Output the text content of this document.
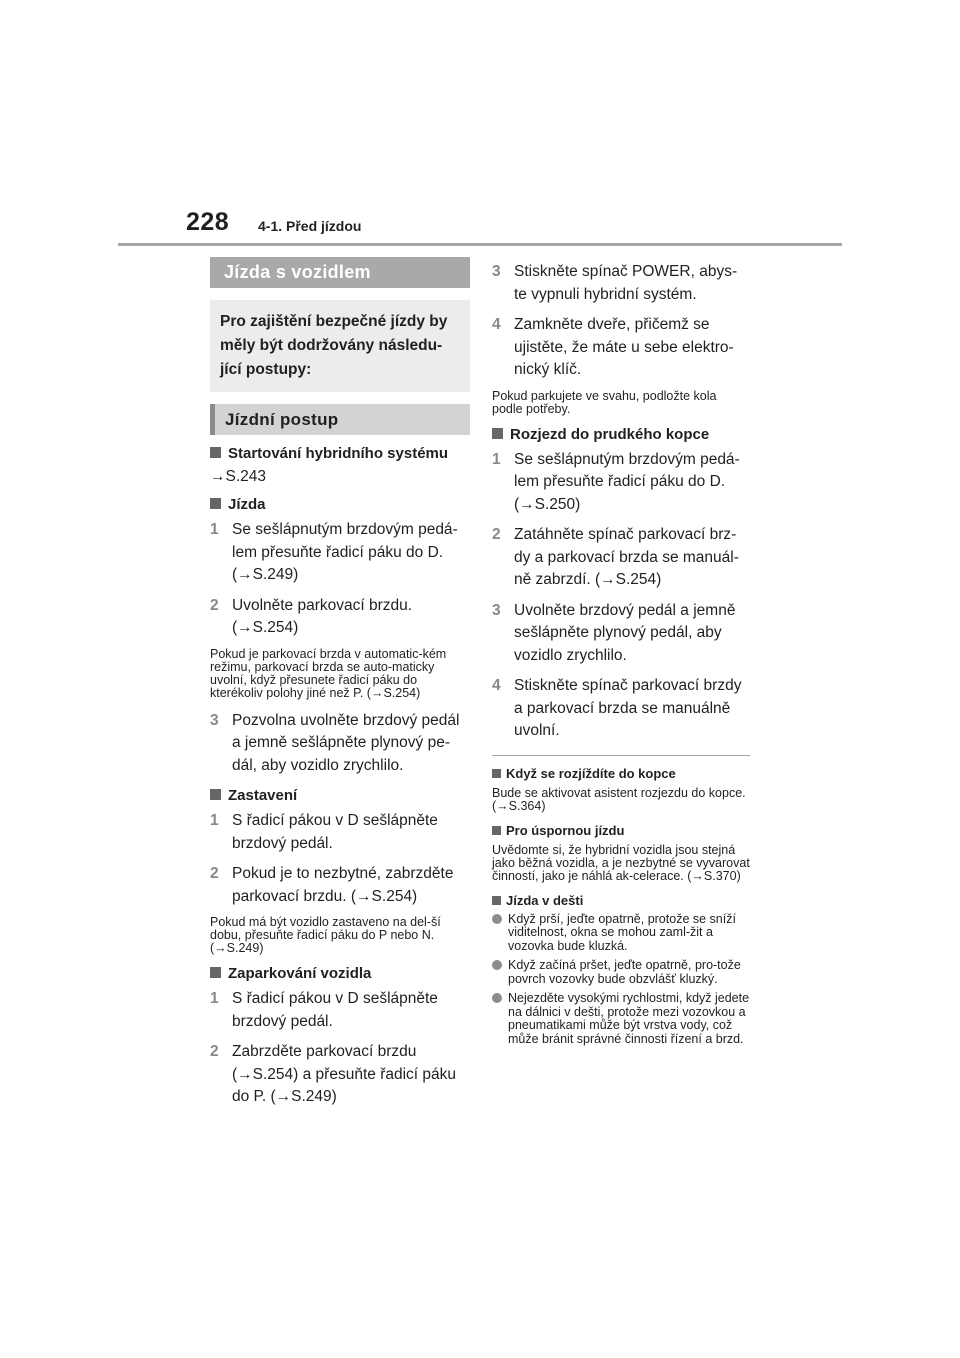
228 4-1. Před jízdou
Jízda s vozidlem
Pro zajištění bezpečné jízdy by měly být dodržovány následu-jící postupy:
Jízdní postup
Startování hybridního systému
→S.243
Jízda
1 Se sešlápnutým brzdovým pedá-lem přesuňte řadicí páku do D. (→S.249)
2 Uvolněte parkovací brzdu. (→S.254)
Pokud je parkovací brzda v automatic-kém režimu, parkovací brzda se auto-maticky uvolní, když přesunete řadicí páku do kterékoliv polohy jiné než P. (→S.254)
3 Pozvolna uvolněte brzdový pedál a jemně sešlápněte plynový pe-dál, aby vozidlo zrychlilo.
Zastavení
1 S řadicí pákou v D sešlápněte brzdový pedál.
2 Pokud je to nezbytné, zabrzděte parkovací brzdu. (→S.254)
Pokud má být vozidlo zastaveno na del-ší dobu, přesuňte řadicí páku do P nebo N. (→S.249)
Zaparkování vozidla
1 S řadicí pákou v D sešlápněte brzdový pedál.
2 Zabrzděte parkovací brzdu (→S.254) a přesuňte řadicí páku do P. (→S.249)
3 Stiskněte spínač POWER, abys-te vypnuli hybridní systém.
4 Zamkněte dveře, přičemž se ujistěte, že máte u sebe elektro-nický klíč.
Pokud parkujete ve svahu, podložte kola podle potřeby.
Rozjezd do prudkého kopce
1 Se sešlápnutým brzdovým pedá-lem přesuňte řadicí páku do D. (→S.250)
2 Zatáhněte spínač parkovací brz-dy a parkovací brzda se manuál-ně zabrzdí. (→S.254)
3 Uvolněte brzdový pedál a jemně sešlápněte plynový pedál, aby vozidlo zrychlilo.
4 Stiskněte spínač parkovací brzdy a parkovací brzda se manuálně uvolní.
Když se rozjíždíte do kopce
Bude se aktivovat asistent rozjezdu do kopce. (→S.364)
Pro úspornou jízdu
Uvědomte si, že hybridní vozidla jsou stejná jako běžná vozidla, a je nezbytné se vyvarovat činností, jako je náhlá ak-celerace. (→S.370)
Jízda v dešti
Když prší, jeďte opatrně, protože se sníží viditelnost, okna se mohou zaml-žit a vozovka bude kluzká.
Když začíná pršet, jeďte opatrně, pro-tože povrch vozovky bude obzvlášť kluzký.
Nejezděte vysokými rychlostmi, když jedete na dálnici v dešti, protože mezi vozovkou a pneumatikami může být vrstva vody, což může bránit správné činnosti řízení a brzd.
